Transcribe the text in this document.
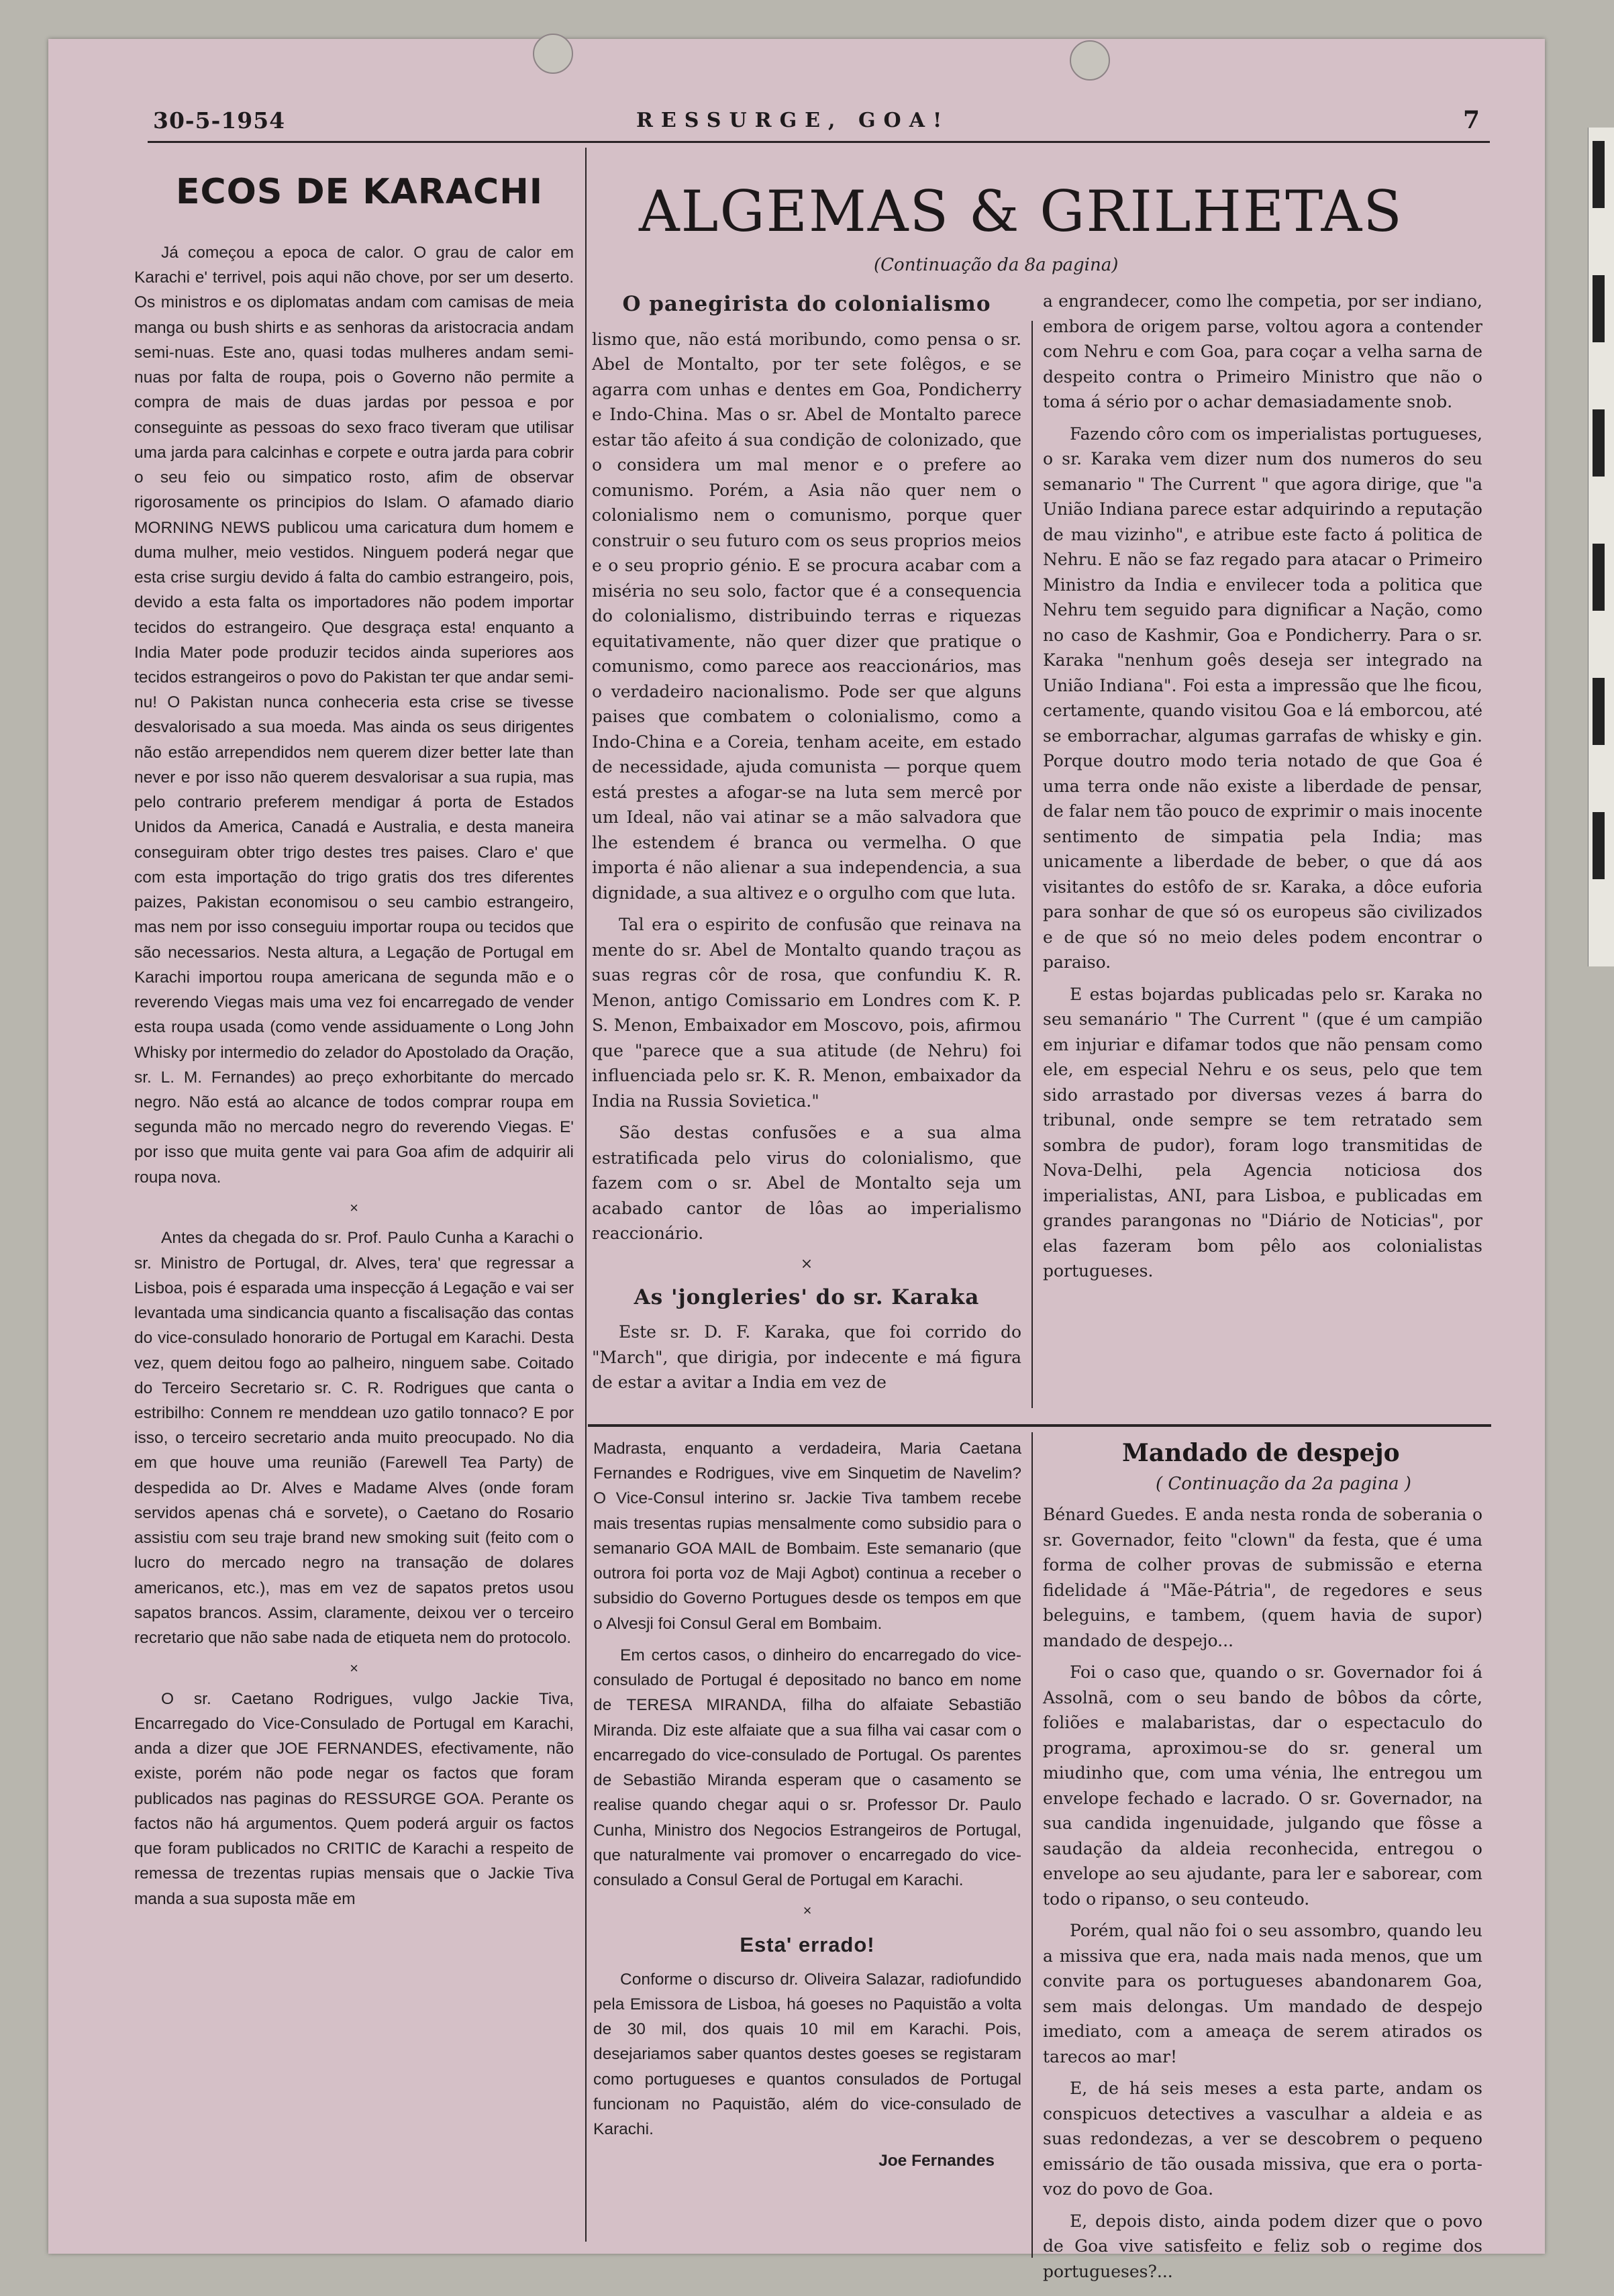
30-5-1954	RESSURGE, GOA!	7
ECOS DE KARACHI

Já começou a epoca de calor. O grau de calor em Karachi e' terrivel, pois aqui não chove, por ser um deserto. Os ministros e os diplomatas andam com camisas de meia manga ou bush shirts e as senhoras da aristocracia andam semi-nuas. Este ano, quasi todas mulheres andam semi-nuas por falta de roupa, pois o Governo não permite a compra de mais de duas jardas por pessoa e por conseguinte as pessoas do sexo fraco tiveram que utilisar uma jarda para calcinhas e corpete e outra jarda para cobrir o seu feio ou simpatico rosto, afim de observar rigorosamente os principios do Islam. O afamado diario MORNING NEWS publicou uma caricatura dum homem e duma mulher, meio vestidos. Ninguem poderá negar que esta crise surgiu devido á falta do cambio estrangeiro, pois, devido a esta falta os importadores não podem importar tecidos do estrangeiro. Que desgraça esta! enquanto a India Mater pode produzir tecidos ainda superiores aos tecidos estrangeiros o povo do Pakistan ter que andar semi-nu! O Pakistan nunca conheceria esta crise se tivesse desvalorisado a sua moeda. Mas ainda os seus dirigentes não estão arrependidos nem querem dizer better late than never e por isso não querem desvalorisar a sua rupia, mas pelo contrario preferem mendigar á porta de Estados Unidos da America, Canadá e Australia, e desta maneira conseguiram obter trigo destes tres paises. Claro e' que com esta importação do trigo gratis dos tres diferentes paizes, Pakistan economisou o seu cambio estrangeiro, mas nem por isso conseguiu importar roupa ou tecidos que são necessarios. Nesta altura, a Legação de Portugal em Karachi importou roupa americana de segunda mão e o reverendo Viegas mais uma vez foi encarregado de vender esta roupa usada (como vende assiduamente o Long John Whisky por intermedio do zelador do Apostolado da Oração, sr. L. M. Fernandes) ao preço exhorbitante do mercado negro. Não está ao alcance de todos comprar roupa em segunda mão no mercado negro do reverendo Viegas. E' por isso que muita gente vai para Goa afim de adquirir ali roupa nova.

×

Antes da chegada do sr. Prof. Paulo Cunha a Karachi o sr. Ministro de Portugal, dr. Alves, tera' que regressar a Lisboa, pois é esparada uma inspecção á Legação e vai ser levantada uma sindicancia quanto a fiscalisação das contas do vice-consulado honorario de Portugal em Karachi. Desta vez, quem deitou fogo ao palheiro, ninguem sabe. Coitado do Terceiro Secretario sr. C. R. Rodrigues que canta o estribilho: Connem re menddean uzo gatilo tonnaco? E por isso, o terceiro secretario anda muito preocupado. No dia em que houve uma reunião (Farewell Tea Party) de despedida ao Dr. Alves e Madame Alves (onde foram servidos apenas chá e sorvete), o Caetano do Rosario assistiu com seu traje brand new smoking suit (feito com o lucro do mercado negro na transação de dolares americanos, etc.), mas em vez de sapatos pretos usou sapatos brancos. Assim, claramente, deixou ver o terceiro recretario que não sabe nada de etiqueta nem do protocolo.

×

O sr. Caetano Rodrigues, vulgo Jackie Tiva, Encarregado do Vice-Consulado de Portugal em Karachi, anda a dizer que JOE FERNANDES, efectivamente, não existe, porém não pode negar os factos que foram publicados nas paginas do RESSURGE GOA. Perante os factos não há argumentos. Quem poderá arguir os factos que foram publicados no CRITIC de Karachi a respeito de remessa de trezentas rupias mensais que o Jackie Tiva manda a sua suposta mãe em

ALGEMAS & GRILHETAS
(Continuação da 8a pagina)
O panegirista do colonialismo

lismo que, não está moribundo, como pensa o sr. Abel de Montalto, por ter sete folêgos, e se agarra com unhas e dentes em Goa, Pondicherry e Indo-China. Mas o sr. Abel de Montalto parece estar tão afeito á sua condição de colonizado, que o considera um mal menor e o prefere ao comunismo. Porém, a Asia não quer nem o colonialismo nem o comunismo, porque quer construir o seu futuro com os seus proprios meios e o seu proprio génio. E se procura acabar com a miséria no seu solo, factor que é a consequencia do colonialismo, distribuindo terras e riquezas equitativamente, não quer dizer que pratique o comunismo, como parece aos reaccionários, mas o verdadeiro nacionalismo. Pode ser que alguns paises que combatem o colonialismo, como a Indo-China e a Coreia, tenham aceite, em estado de necessidade, ajuda comunista — porque quem está prestes a afogar-se na luta sem mercê por um Ideal, não vai atinar se a mão salvadora que lhe estendem é branca ou vermelha. O que importa é não alienar a sua independencia, a sua dignidade, a sua altivez e o orgulho com que luta.

Tal era o espirito de confusão que reinava na mente do sr. Abel de Montalto quando traçou as suas regras côr de rosa, que confundiu K. R. Menon, antigo Comissario em Londres com K. P. S. Menon, Embaixador em Moscovo, pois, afirmou que "parece que a sua atitude (de Nehru) foi influenciada pelo sr. K. R. Menon, embaixador da India na Russia Sovietica."

São destas confusões e a sua alma estratificada pelo virus do colonialismo, que fazem com o sr. Abel de Montalto seja um acabado cantor de lôas ao imperialismo reaccionário.

×
As 'jongleries' do sr. Karaka

Este sr. D. F. Karaka, que foi corrido do "March", que dirigia, por indecente e má figura de estar a avitar a India em vez de

a engrandecer, como lhe competia, por ser indiano, embora de origem parse, voltou agora a contender com Nehru e com Goa, para coçar a velha sarna de despeito contra o Primeiro Ministro que não o toma á sério por o achar demasiadamente snob.

Fazendo côro com os imperialistas portugueses, o sr. Karaka vem dizer num dos numeros do seu semanario " The Current " que agora dirige, que "a União Indiana parece estar adquirindo a reputação de mau vizinho", e atribue este facto á politica de Nehru. E não se faz regado para atacar o Primeiro Ministro da India e envilecer toda a politica que Nehru tem seguido para dignificar a Nação, como no caso de Kashmir, Goa e Pondicherry. Para o sr. Karaka "nenhum goês deseja ser integrado na União Indiana". Foi esta a impressão que lhe ficou, certamente, quando visitou Goa e lá emborcou, até se emborrachar, algumas garrafas de whisky e gin. Porque doutro modo teria notado de que Goa é uma terra onde não existe a liberdade de pensar, de falar nem tão pouco de exprimir o mais inocente sentimento de simpatia pela India; mas unicamente a liberdade de beber, o que dá aos visitantes do estôfo de sr. Karaka, a dôce euforia para sonhar de que só os europeus são civilizados e de que só no meio deles podem encontrar o paraiso.

E estas bojardas publicadas pelo sr. Karaka no seu semanário " The Current " (que é um campião em injuriar e difamar todos que não pensam como ele, em especial Nehru e os seus, pelo que tem sido arrastado por diversas vezes á barra do tribunal, onde sempre se tem retratado sem sombra de pudor), foram logo transmitidas de Nova-Delhi, pela Agencia noticiosa dos imperialistas, ANI, para Lisboa, e publicadas em grandes parangonas no "Diário de Noticias", por elas fazeram bom pêlo aos colonialistas portugueses.

Madrasta, enquanto a verdadeira, Maria Caetana Fernandes e Rodrigues, vive em Sinquetim de Navelim? O Vice-Consul interino sr. Jackie Tiva tambem recebe mais tresentas rupias mensalmente como subsidio para o semanario GOA MAIL de Bombaim. Este semanario (que outrora foi porta voz de Maji Agbot) continua a receber o subsidio do Governo Portugues desde os tempos em que o Alvesji foi Consul Geral em Bombaim.

Em certos casos, o dinheiro do encarregado do vice-consulado de Portugal é depositado no banco em nome de TERESA MIRANDA, filha do alfaiate Sebastião Miranda. Diz este alfaiate que a sua filha vai casar com o encarregado do vice-consulado de Portugal. Os parentes de Sebastião Miranda esperam que o casamento se realise quando chegar aqui o sr. Professor Dr. Paulo Cunha, Ministro dos Negocios Estrangeiros de Portugal, que naturalmente vai promover o encarregado do vice-consulado a Consul Geral de Portugal em Karachi.

×
Esta' errado!

Conforme o discurso dr. Oliveira Salazar, radiofundido pela Emissora de Lisboa, há goeses no Paquistão a volta de 30 mil, dos quais 10 mil em Karachi. Pois, desejariamos saber quantos destes goeses se registaram como portugueses e quantos consulados de Portugal funcionam no Paquistão, além do vice-consulado de Karachi.

Joe Fernandes
Mandado de despejo
( Continuação da 2a pagina )

Bénard Guedes. E anda nesta ronda de soberania o sr. Governador, feito "clown" da festa, que é uma forma de colher provas de submissão e eterna fidelidade á "Mãe-Pátria", de regedores e seus beleguins, e tambem, (quem havia de supor) mandado de despejo...

Foi o caso que, quando o sr. Governador foi á Assolnã, com o seu bando de bôbos da côrte, foliões e malabaristas, dar o espectaculo do programa, aproximou-se do sr. general um miudinho que, com uma vénia, lhe entregou um envelope fechado e lacrado. O sr. Governador, na sua candida ingenuidade, julgando que fôsse a saudação da aldeia reconhecida, entregou o envelope ao seu ajudante, para ler e saborear, com todo o ripanso, o seu conteudo.

Porém, qual não foi o seu assombro, quando leu a missiva que era, nada mais nada menos, que um convite para os portugueses abandonarem Goa, sem mais delongas. Um mandado de despejo imediato, com a ameaça de serem atirados os tarecos ao mar!

E, de há seis meses a esta parte, andam os conspicuos detectives a vasculhar a aldeia e as suas redondezas, a ver se descobrem o pequeno emissário de tão ousada missiva, que era o porta-voz do povo de Goa.

E, depois disto, ainda podem dizer que o povo de Goa vive satisfeito e feliz sob o regime dos portugueses?...
